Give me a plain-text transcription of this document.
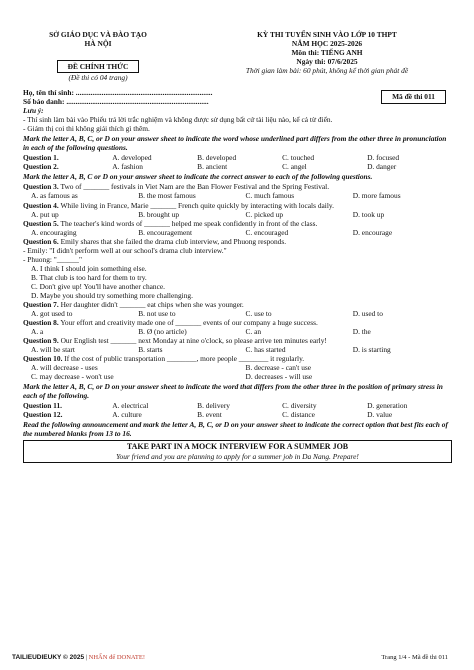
SỞ GIÁO DỤC VÀ ĐÀO TẠO
HÀ NỘI
ĐỀ CHÍNH THỨC
(Đề thi có 04 trang)
KỲ THI TUYỂN SINH VÀO LỚP 10 THPT
NĂM HỌC 2025-2026
Môn thi: TIẾNG ANH
Ngày thi: 07/6/2025
Thời gian làm bài: 60 phút, không kể thời gian phát đề
Họ, tên thí sinh: ..........................................................................
Số báo danh: .............................................................................
Mã đề thi 011
Lưu ý:
- Thí sinh làm bài vào Phiếu trả lời trắc nghiệm và không được sử dụng bất cứ tài liệu nào, kể cả từ điển.
- Giám thị coi thi không giải thích gì thêm.
Mark the letter A, B, C, or D on your answer sheet to indicate the word whose underlined part differs from the other three in pronunciation in each of the following questions.
Question 1.	A. developed	B. developed	C. touched	D. focused
Question 2.	A. fashion	B. ancient	C. angel	D. danger
Mark the letter A, B, C or D on your answer sheet to indicate the correct answer to each of the following questions.
Question 3. Two of _______ festivals in Viet Nam are the Ban Flower Festival and the Spring Festival.
A. as famous as	B. the most famous	C. much famous	D. more famous
Question 4. While living in France, Marie _______ French quite quickly by interacting with locals daily.
A. put up	B. brought up	C. picked up	D. took up
Question 5. The teacher's kind words of _______ helped me speak confidently in front of the class.
A. encouraging	B. encouragement	C. encouraged	D. encourage
Question 6. Emily shares that she failed the drama club interview, and Phuong responds.
- Emily: "I didn't perform well at our school's drama club interview."
- Phuong: "______"
A. I think I should join something else.
B. That club is too hard for them to try.
C. Don't give up! You'll have another chance.
D. Maybe you should try something more challenging.
Question 7. Her daughter didn't _______ eat chips when she was younger.
A. got used to	B. not use to	C. use to	D. used to
Question 8. Your effort and creativity made one of _______ events of our company a huge success.
A. a	B. Ø (no article)	C. an	D. the
Question 9. Our English test _______ next Monday at nine o'clock, so please arrive ten minutes early!
A. will be start	B. starts	C. has started	D. is starting
Question 10. If the cost of public transportation ________, more people ________ it regularly.
A. will decrease - uses	B. decrease - can't use
C. may decrease - won't use	D. decreases - will use
Mark the letter A, B, C, or D on your answer sheet to indicate the word that differs from the other three in the position of primary stress in each of the following.
Question 11.	A. electrical	B. delivery	C. diversity	D. generation
Question 12.	A. culture	B. event	C. distance	D. value
Read the following announcement and mark the letter A, B, C, or D on your answer sheet to indicate the correct option that best fits each of the numbered blanks from 13 to 16.
TAKE PART IN A MOCK INTERVIEW FOR A SUMMER JOB
Your friend and you are planning to apply for a summer job in Da Nang. Prepare!
TAILIEUDIEUKY © 2025 | NHẤN để DONATE!	Trang 1/4 - Mã đề thi 011
